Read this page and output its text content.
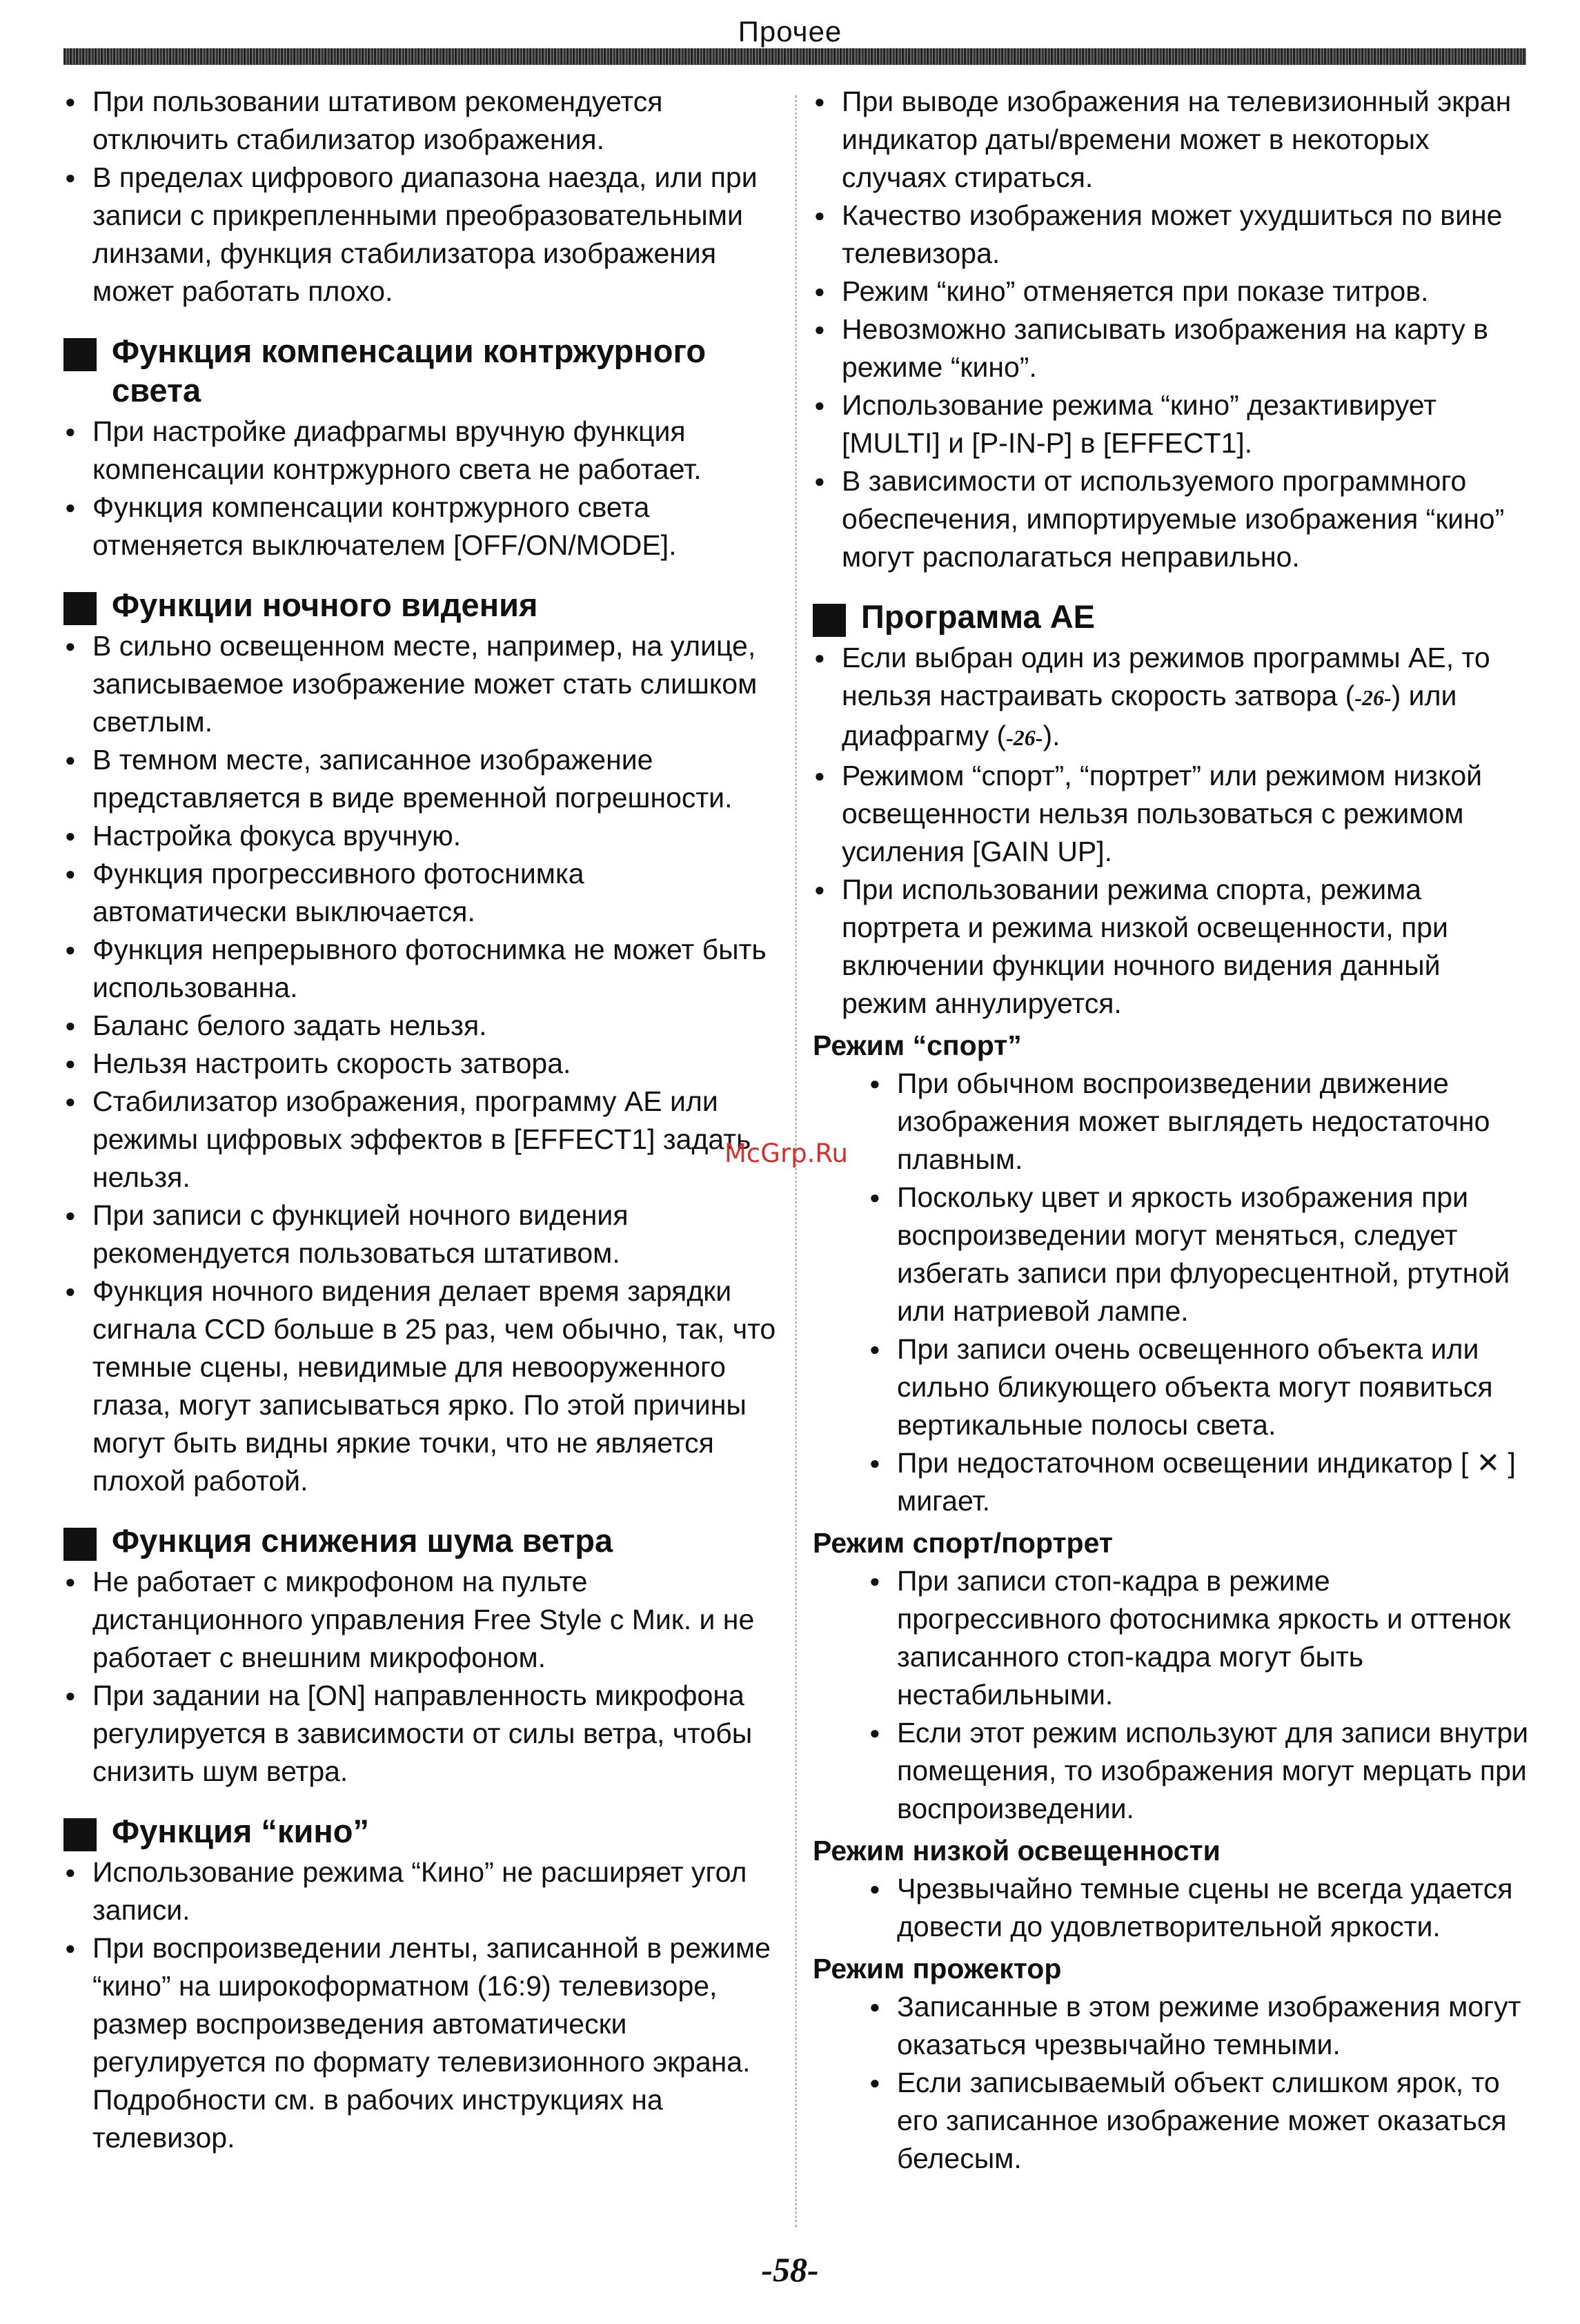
Прочее

● При пользовании штативом рекомендуется отключить стабилизатор изображения.

● В пределах цифрового диапазона наезда, или при записи с прикрепленными преобразовательными линзами, функция стабилизатора изображения может работать плохо.

Функция компенсации контржурного света

● При настройке диафрагмы вручную функция компенсации контржурного света не работает.

● Функция компенсации контржурного света отменяется выключателем [OFF/ON/MODE].

Функции ночного видения

● В сильно освещенном месте, например, на улице, записываемое изображение может стать слишком светлым.

● В темном месте, записанное изображение представляется в виде временной погрешности.

● Настройка фокуса вручную.

● Функция прогрессивного фотоснимка автоматически выключается.

● Функция непрерывного фотоснимка не может быть использованна.

● Баланс белого задать нельзя.

● Нельзя настроить скорость затвора.

● Стабилизатор изображения, программу AE или режимы цифровых эффектов в [EFFECT1] задать нельзя.

● При записи с функцией ночного видения рекомендуется пользоваться штативом.

● Функция ночного видения делает время зарядки сигнала CCD больше в 25 раз, чем обычно, так, что темные сцены, невидимые для невооруженного глаза, могут записываться ярко. По этой причины могут быть видны яркие точки, что не является плохой работой.

Функция снижения шума ветра

● Не работает с микрофоном на пульте дистанционного управления Free Style с Мик. и не работает с внешним микрофоном.

● При задании на [ON] направленность микрофона регулируется в зависимости от силы ветра, чтобы снизить шум ветра.

Функция “кино”

● Использование режима “Кино” не расширяет угол записи.

● При воспроизведении ленты, записанной в режиме “кино” на широкоформатном (16:9) телевизоре, размер воспроизведения автоматически регулируется по формату телевизионного экрана. Подробности см. в рабочих инструкциях на телевизор.

● При выводе изображения на телевизионный экран индикатор даты/времени может в некоторых случаях стираться.

● Качество изображения может ухудшиться по вине телевизора.

● Режим “кино” отменяется при показе титров.

● Невозможно записывать изображения на карту в режиме “кино”.

● Использование режима “кино” дезактивирует [MULTI] и [P-IN-P] в [EFFECT1].

● В зависимости от используемого программного обеспечения, импортируемые изображения “кино” могут располагаться неправильно.

Программа AE

● Если выбран один из режимов программы AE, то нельзя настраивать скорость затвора (-26-) или диафрагму (-26-).

● Режимом “спорт”, “портрет” или режимом низкой освещенности нельзя пользоваться с режимом усиления [GAIN UP].

● При использовании режима спорта, режима портрета и режима низкой освещенности, при включении функции ночного видения данный режим аннулируется.

Режим “спорт”

● При обычном воспроизведении движение изображения может выглядеть недостаточно плавным.

● Поскольку цвет и яркость изображения при воспроизведении могут меняться, следует избегать записи при флуоресцентной, ртутной или натриевой лампе.

● При записи очень освещенного объекта или сильно бликующего объекта могут появиться вертикальные полосы света.

● При недостаточном освещении индикатор [ ✕ ] мигает.

Режим спорт/портрет

● При записи стоп-кадра в режиме прогрессивного фотоснимка яркость и оттенок записанного стоп-кадра могут быть нестабильными.

● Если этот режим используют для записи внутри помещения, то изображения могут мерцать при воспроизведении.

Режим низкой освещенности

● Чрезвычайно темные сцены не всегда удается довести до удовлетворительной яркости.

Режим прожектор

● Записанные в этом режиме изображения могут оказаться чрезвычайно темными.

● Если записываемый объект слишком ярок, то его записанное изображение может оказаться белесым.

McGrp.Ru
-58-
